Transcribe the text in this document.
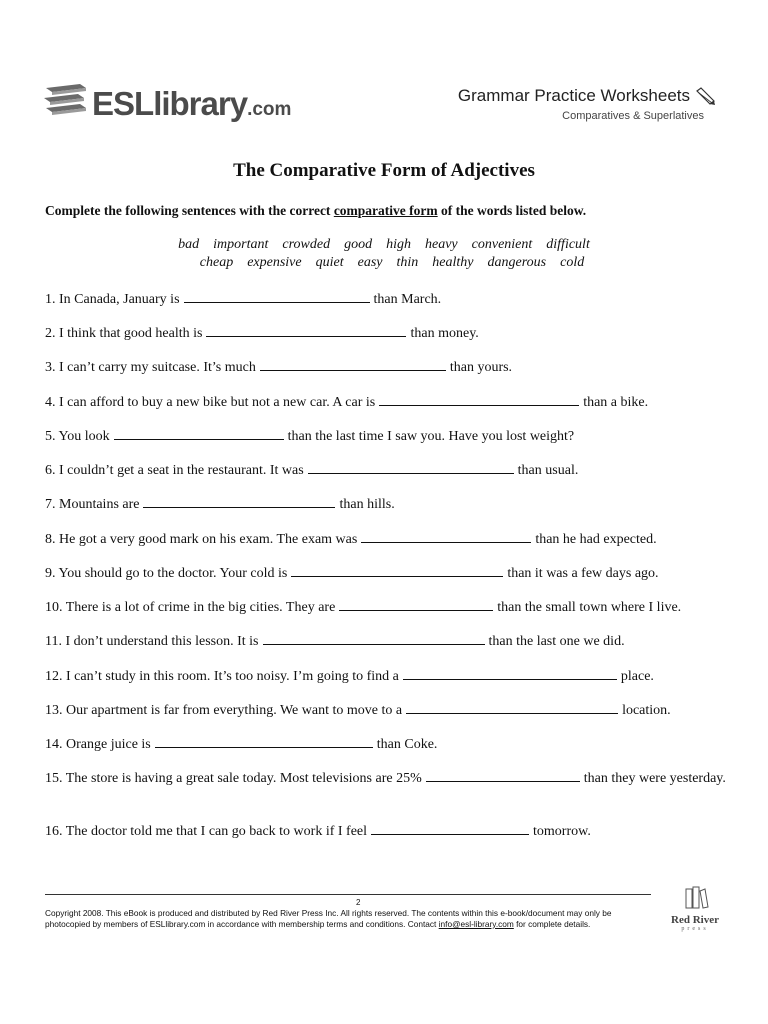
ESLlibrary.com
Grammar Practice Worksheets
Comparatives & Superlatives
The Comparative Form of Adjectives
Complete the following sentences with the correct comparative form of the words listed below.
bad important crowded good high heavy convenient difficult
cheap expensive quiet easy thin healthy dangerous cold
1. In Canada, January is	than March.
2. I think that good health is	than money.
3. I can’t carry my suitcase. It’s much	than yours.
4. I can afford to buy a new bike but not a new car. A car is	than a bike.
5. You look	than the last time I saw you. Have you lost weight?
6. I couldn’t get a seat in the restaurant. It was	than usual.
7. Mountains are	than hills.
8. He got a very good mark on his exam. The exam was	than he had expected.
9. You should go to the doctor. Your cold is	than it was a few days ago.
10. There is a lot of crime in the big cities. They are	than the small town where I live.
11. I don’t understand this lesson. It is	than the last one we did.
12. I can’t study in this room. It’s too noisy. I’m going to find a	place.
13. Our apartment is far from everything. We want to move to a	location.
14. Orange juice is	than Coke.
15. The store is having a great sale today. Most televisions are 25%	than they were yesterday.
16. The doctor told me that I can go back to work if I feel	tomorrow.
2
Copyright 2008. This eBook is produced and distributed by Red River Press Inc. All rights reserved. The contents within this e-book/document may only be
photocopied by members of ESLlibrary.com in accordance with membership terms and conditions. Contact info@esl-library.com for complete details.	Red River
press
